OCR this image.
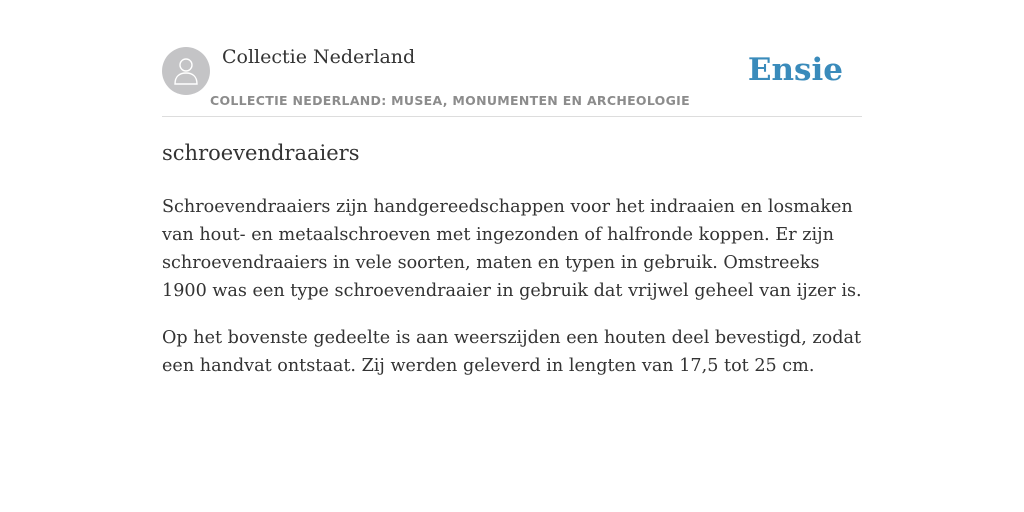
Collectie Nederland
COLLECTIE NEDERLAND: MUSEA, MONUMENTEN EN ARCHEOLOGIE
Ensie
schroevendraaiers

Schroevendraaiers zijn handgereedschappen voor het indraaien en losmaken van hout- en metaalschroeven met ingezonden of halfronde koppen. Er zijn schroevendraaiers in vele soorten, maten en typen in gebruik. Omstreeks 1900 was een type schroevendraaier in gebruik dat vrijwel geheel van ijzer is.

Op het bovenste gedeelte is aan weerszijden een houten deel bevestigd, zodat een handvat ontstaat. Zij werden geleverd in lengten van 17,5 tot 25 cm.
